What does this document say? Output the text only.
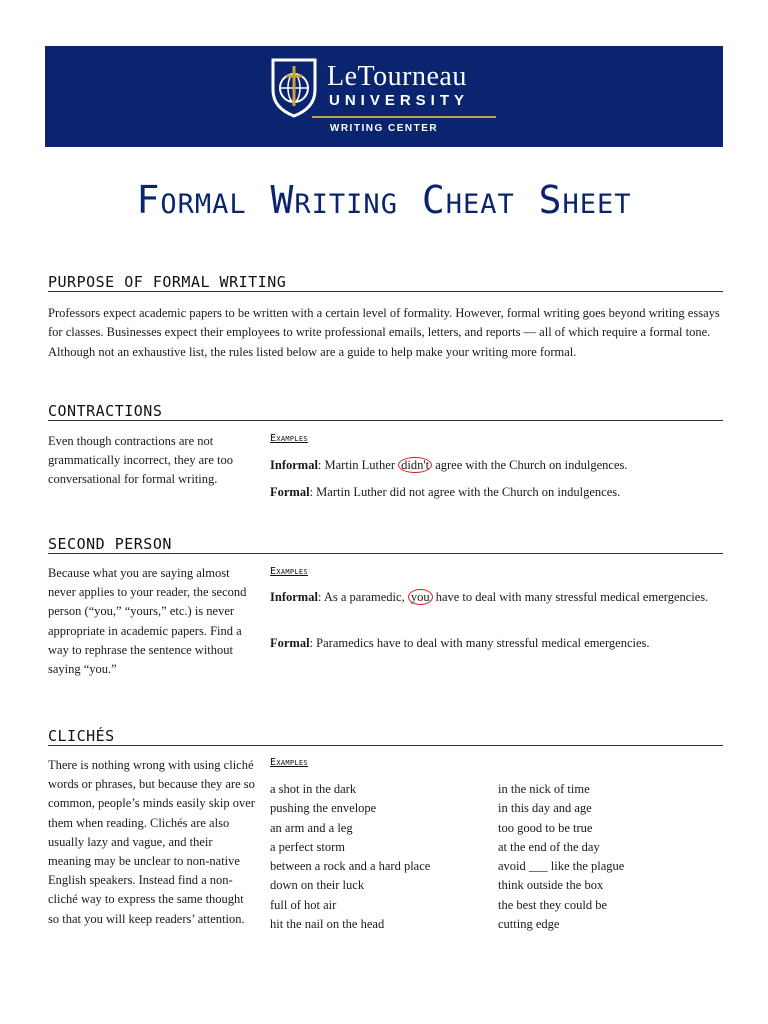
LeTourneau
UNIVERSITY
WRITING CENTER
Formal Writing Cheat Sheet
PURPOSE OF FORMAL WRITING
Professors expect academic papers to be written with a certain level of formality. However, formal writing goes beyond writing essays for classes. Businesses expect their employees to write professional emails, letters, and reports — all of which require a formal tone. Although not an exhaustive list, the rules listed below are a guide to help make your writing more formal.
CONTRACTIONS
Even though contractions are not grammatically incorrect, they are too conversational for formal writing.
Examples
Informal: Martin Luther didn't agree with the Church on indulgences.
Formal: Martin Luther did not agree with the Church on indulgences.
SECOND PERSON
Because what you are saying almost never applies to your reader, the second person (“you,” “yours,” etc.) is never appropriate in academic papers. Find a way to rephrase the sentence without saying “you.”
Examples
Informal: As a paramedic, you have to deal with many stressful medical emergencies.
Formal: Paramedics have to deal with many stressful medical emergencies.
CLICHÉS
There is nothing wrong with using cliché words or phrases, but because they are so common, people’s minds easily skip over them when reading. Clichés are also usually lazy and vague, and their meaning may be unclear to non-native English speakers. Instead find a non-cliché way to express the same thought so that you will keep readers’ attention.
Examples
a shot in the dark
pushing the envelope
an arm and a leg
a perfect storm
between a rock and a hard place
down on their luck
full of hot air
hit the nail on the head
in the nick of time
in this day and age
too good to be true
at the end of the day
avoid ___ like the plague
think outside the box
the best they could be
cutting edge
